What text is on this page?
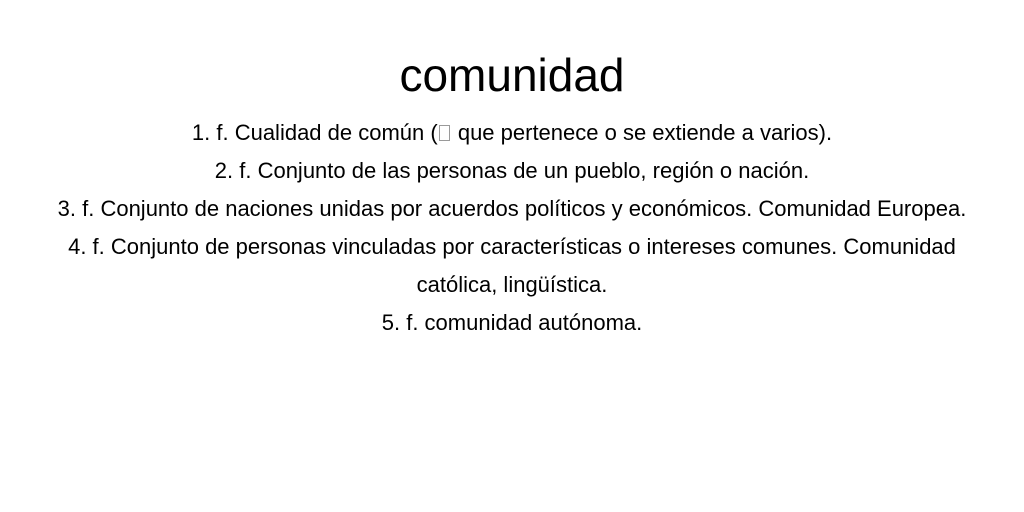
comunidad
1. f. Cualidad de común ( que pertenece o se extiende a varios).
2. f. Conjunto de las personas de un pueblo, región o nación.
3. f. Conjunto de naciones unidas por acuerdos políticos y económicos. Comunidad Europea.
4. f. Conjunto de personas vinculadas por características o intereses comunes. Comunidad católica, lingüística.
5. f. comunidad autónoma.
